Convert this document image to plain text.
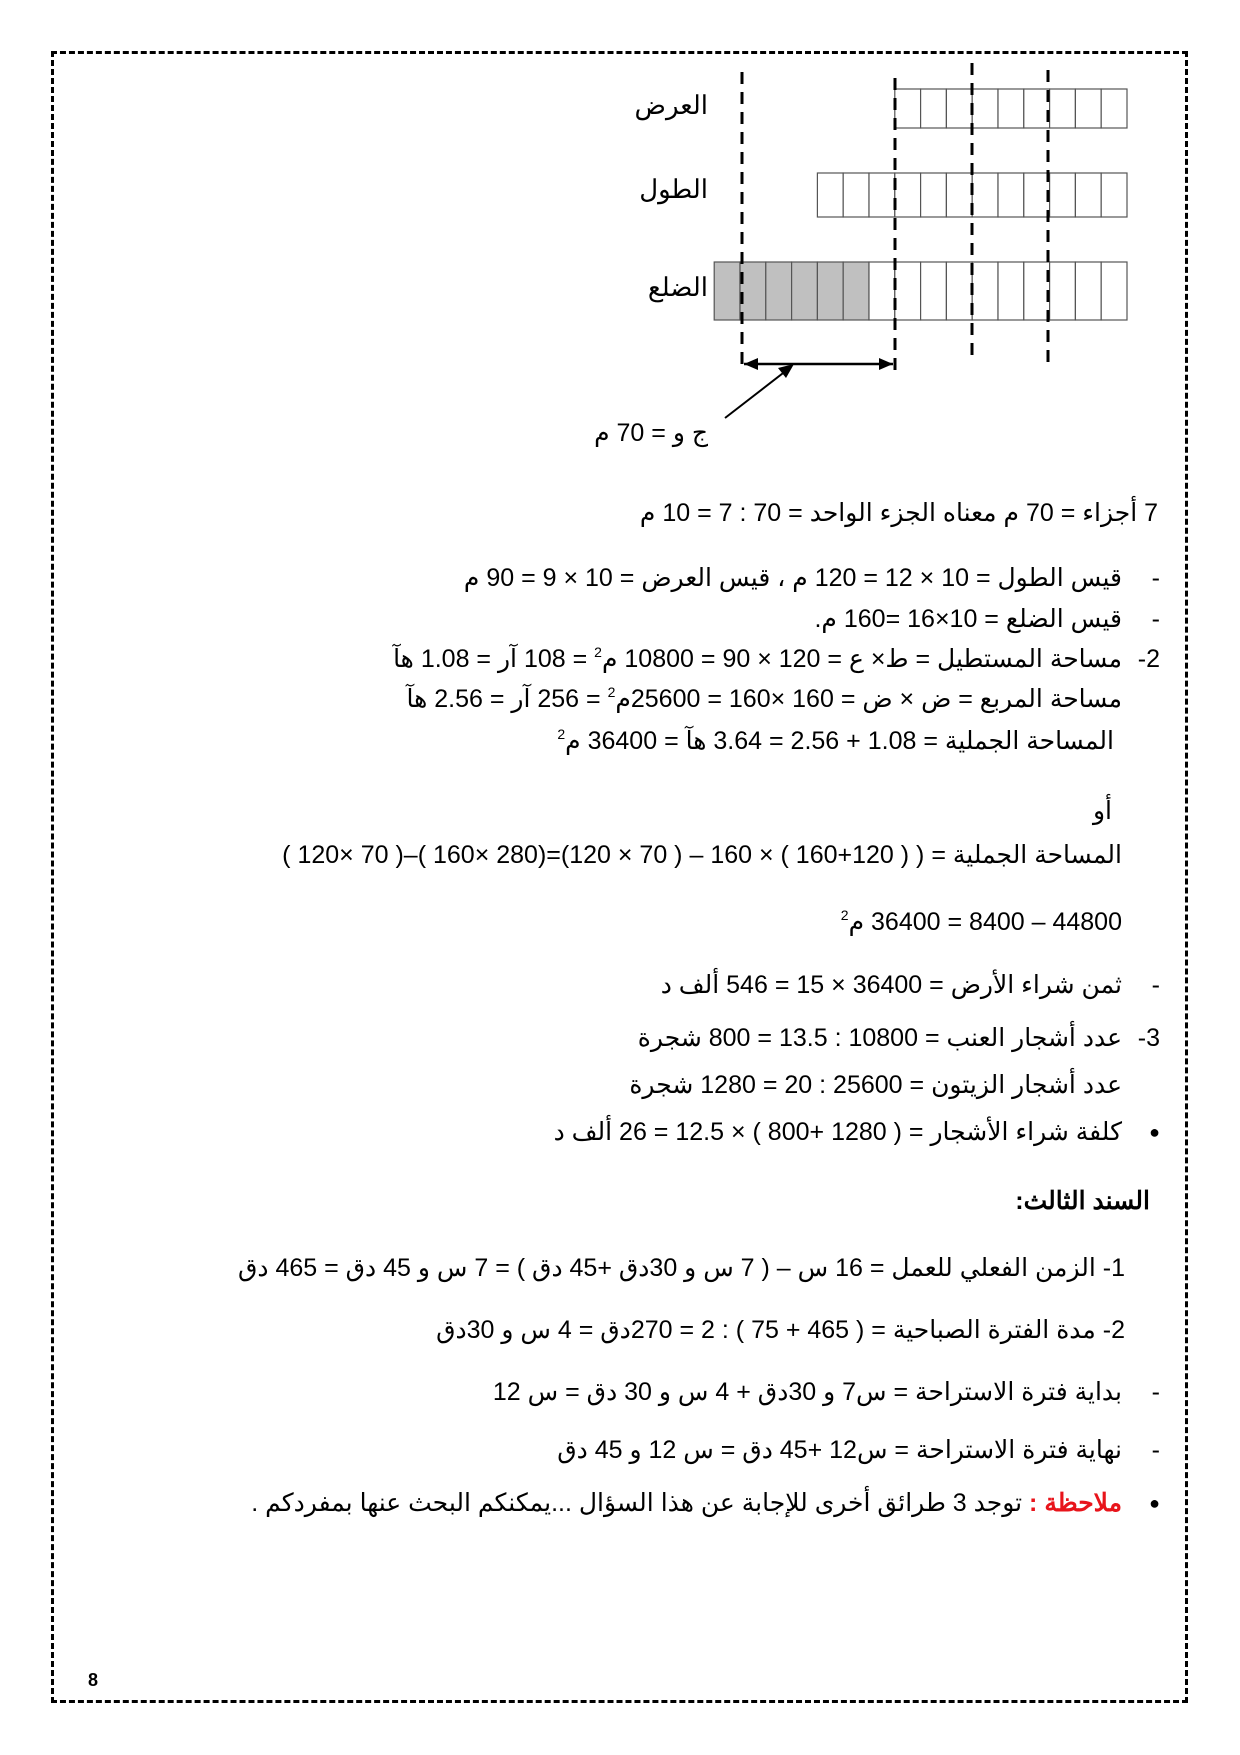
العرض
الطول
الضلع
ج و = 70 م
7 أجزاء = 70 م معناه الجزء الواحد = 70 : 7 = 10 م
-
قيس الطول = 10 × 12 = 120 م ، قيس العرض = 10 × 9 = 90 م
-
قيس الضلع = 10×16 =160 م.
2-
مساحة المستطيل = ط× ع = 120 × 90 = 10800 م$^2$ = 108 آر = 1.08 هآ
مساحة المربع = ض × ض = 160 ×160 = 25600م$^2$ = 256 آر = 2.56 هآ
المساحة الجملية = 1.08 + 2.56 = 3.64 هآ = 36400 م$^2$
أو
المساحة الجملية = ( ( 120+160 ) × 160 – ( 70 × 120)=(280 ×160 )–( 70 ×120 )
44800 – 8400 = 36400 م$^2$
-
ثمن شراء الأرض = 36400 × 15 = 546 ألف د
3-
عدد أشجار العنب = 10800 : 13.5 = 800 شجرة
عدد أشجار الزيتون = 25600 : 20 = 1280 شجرة
●
كلفة شراء الأشجار = ( 1280 +800 ) × 12.5 = 26 ألف د
السند الثالث:
1- الزمن الفعلي للعمل = 16 س – ( 7 س و 30دق +45 دق ) = 7 س و 45 دق = 465 دق
2- مدة الفترة الصباحية = ( 465 + 75 ) : 2 = 270دق = 4 س و 30دق
-
بداية فترة الاستراحة = س7 و 30دق + 4 س و 30 دق = س 12
-
نهاية فترة الاستراحة = س12 +45 دق = س 12 و 45 دق
●
ملاحظة : توجد 3 طرائق أخرى للإجابة عن هذا السؤال ...يمكنكم البحث عنها بمفردكم .
8
